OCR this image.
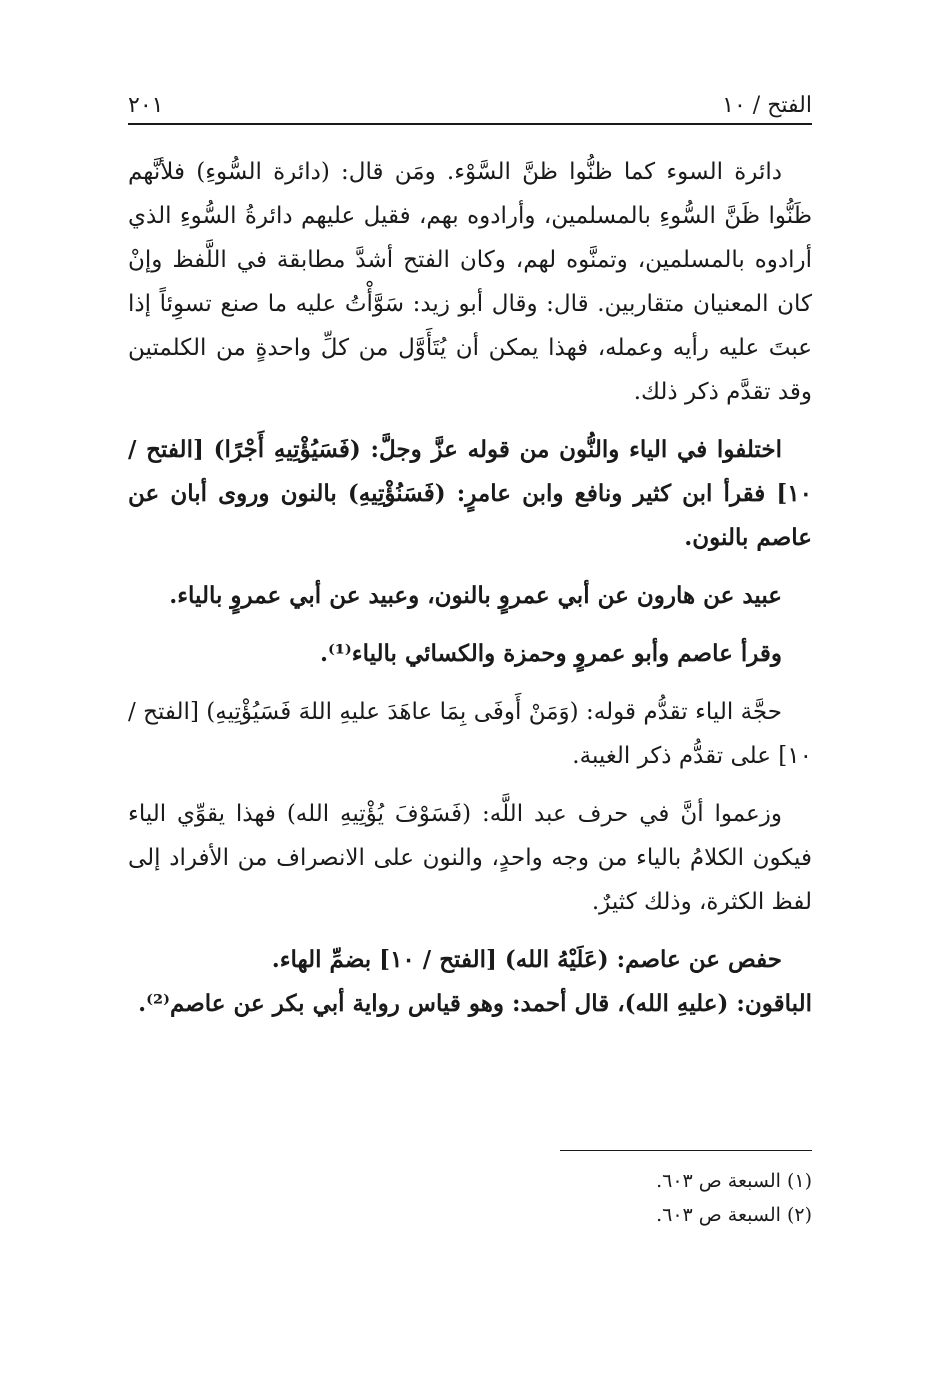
الفتح / ١٠
٢٠١

دائرة السوء كما ظنُّوا ظنَّ السَّوْء. ومَن قال: (دائرة السُّوءِ) فلأنَّهم ظَنُّوا ظَنَّ السُّوءِ بالمسلمين، وأرادوه بهم، فقيل عليهم دائرةُ السُّوءِ الذي أرادوه بالمسلمين، وتمنَّوه لهم، وكان الفتح أشدَّ مطابقة في اللَّفظ وإنْ كان المعنيان متقاربين. قال: وقال أبو زيد: سَوَّأْتُ عليه ما صنع تسوِئاً إذا عبتَ عليه رأيه وعمله، فهذا يمكن أن يُتَأَوَّل من كلِّ واحدةٍ من الكلمتين وقد تقدَّم ذكر ذلك.

اختلفوا في الياء والنُّون من قوله عزَّ وجلَّ: (فَسَيُؤْتِيهِ أَجْرًا) [الفتح / ١٠] فقرأ ابن كثير ونافع وابن عامرٍ: (فَسَنُؤْتِيهِ) بالنون وروى أبان عن عاصم بالنون.

عبيد عن هارون عن أبي عمروٍ بالنون، وعبيد عن أبي عمروٍ بالياء.

وقرأ عاصم وأبو عمروٍ وحمزة والكسائي بالياء⁽¹⁾.

حجَّة الياء تقدُّم قوله: (وَمَنْ أَوفَى بِمَا عاهَدَ عليهِ اللهَ فَسَيُؤْتِيهِ) [الفتح / ١٠] على تقدُّم ذكر الغيبة.

وزعموا أنَّ في حرف عبد اللَّه: (فَسَوْفَ يُؤْتِيهِ الله) فهذا يقوِّي الياء فيكون الكلامُ بالياء من وجه واحدٍ، والنون على الانصراف من الأفراد إلى لفظ الكثرة، وذلك كثيرٌ.

حفص عن عاصم: (عَلَيْهُ الله) [الفتح / ١٠] بضمِّ الهاء.

الباقون: (عليهِ الله)، قال أحمد: وهو قياس رواية أبي بكر عن عاصم⁽²⁾.

(١) السبعة ص ٦٠٣.

(٢) السبعة ص ٦٠٣.
